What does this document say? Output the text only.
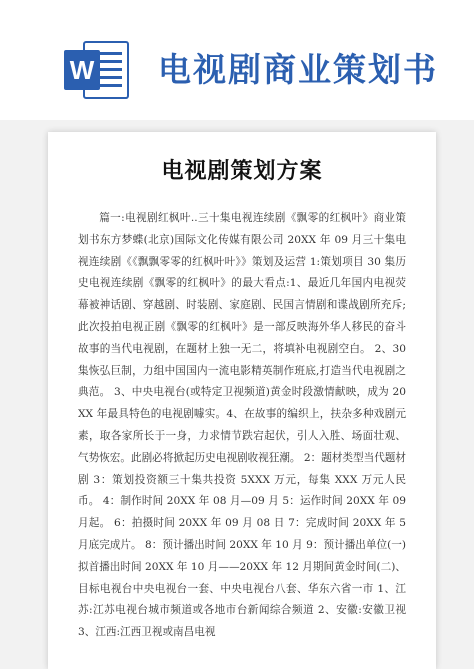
W 电视剧商业策划书
电视剧策划方案
篇一:电视剧红枫叶..三十集电视连续剧《飘零的红枫叶》商业策划书东方梦蝶(北京)国际文化传媒有限公司 20XX 年 09 月三十集电视连续剧《《飘飘零零的红枫叶叶》》策划及运营 1:策划项目 30 集历史电视连续剧《飘零的红枫叶》的最大看点:1、最近几年国内电视荧幕被神话剧、穿越剧、时装剧、家庭剧、民国言情剧和谍战剧所充斥;此次投拍电视正剧《飘零的红枫叶》是一部反映海外华人移民的奋斗故事的当代电视剧，在题材上独一无二，将填补电视剧空白。 2、30 集恢弘巨制，力组中国国内一流电影精英制作班底,打造当代电视剧之典范。 3、中央电视台(或特定卫视频道)黄金时段激情献映，成为 20XX 年最具特色的电视剧噱实。4、在故事的编织上，扶杂多种戏剧元素，取各家所长于一身，力求情节跌宕起伏，引人入胜、场面壮观、气势恢宏。此剧必将掀起历史电视剧收视狂潮。 2：题材类型当代题材剧 3：策划投资额三十集共投资 5XXX 万元，每集 XXX 万元人民币。 4：制作时间 20XX 年 08 月—09 月 5：运作时间 20XX 年 09 月起。 6：拍摄时间 20XX 年 09 月 08 日 7：完成时间 20XX 年 5 月底完成片。 8：预计播出时间 20XX 年 10 月 9：预计播出单位(一) 拟首播出时间 20XX 年 10 月——20XX 年 12 月期间黄金时间(二)、目标电视台中央电视台一套、中央电视台八套、华东六省一市 1、江苏:江苏电视台城市频道或各地市台新闻综合频道 2、安徽:安徽卫视 3、江西:江西卫视或南昌电视
